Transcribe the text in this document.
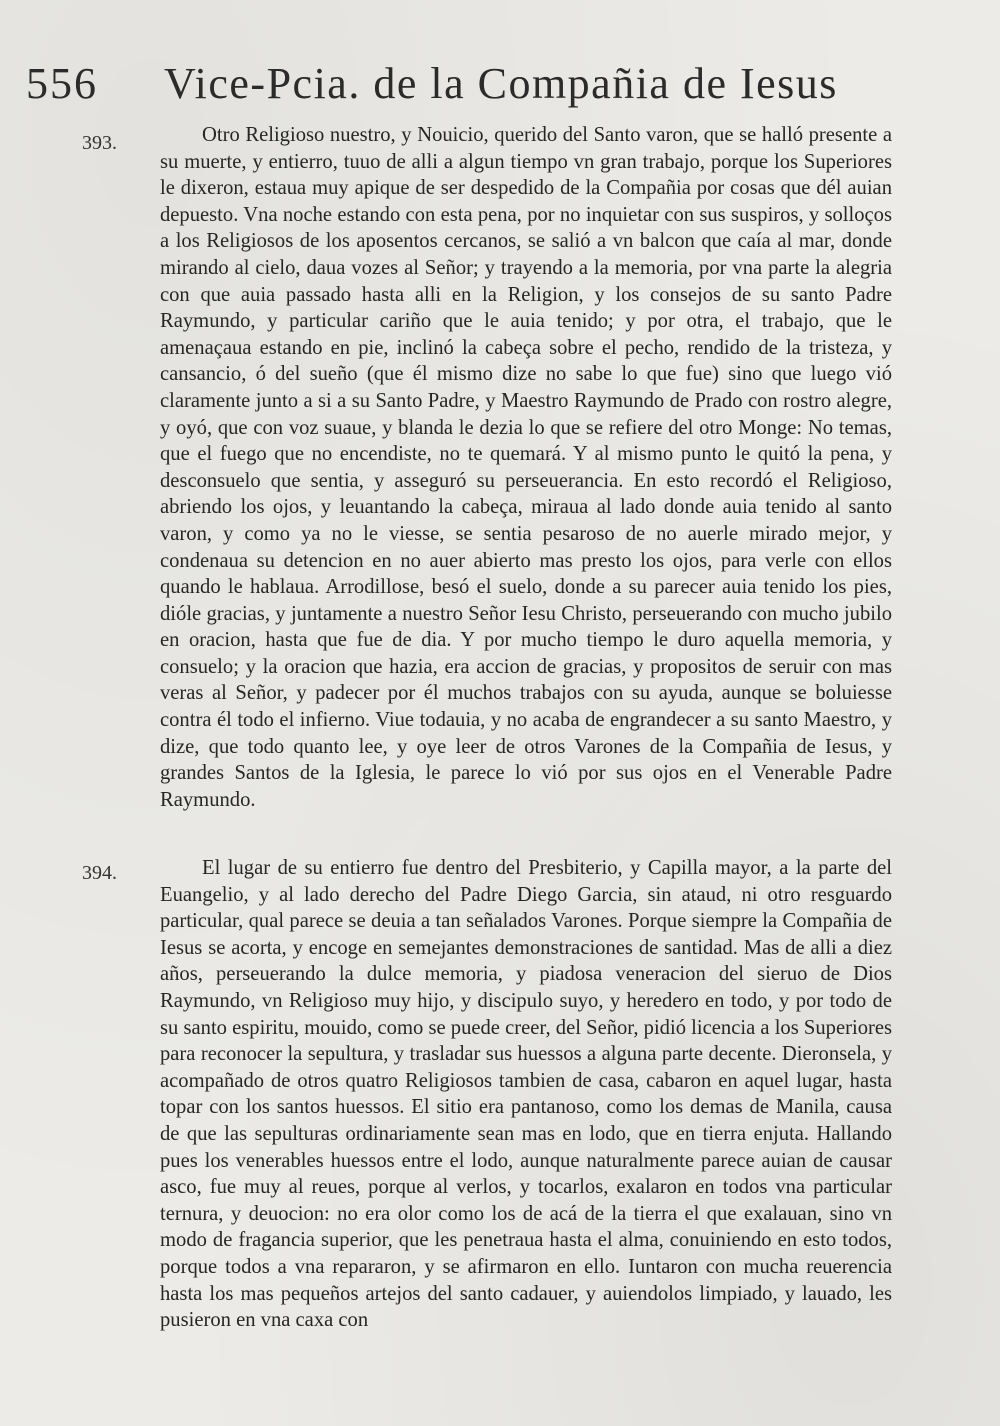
556 Vice-Pcia. de la Compañia de Iesus
393.	Otro Religioso nuestro, y Nouicio, querido del Santo varon, que se halló presente a su muerte, y entierro, tuuo de alli a algun tiempo vn gran trabajo, porque los Superiores le dixeron, estaua muy apique de ser despedido de la Compañia por cosas que dél auian depuesto. Vna noche estando con esta pena, por no inquietar con sus suspiros, y solloços a los Religiosos de los aposentos cercanos, se salió a vn balcon que caía al mar, donde mirando al cielo, daua vozes al Señor; y trayendo a la memoria, por vna parte la alegria con que auia passado hasta alli en la Religion, y los consejos de su santo Padre Raymundo, y particular cariño que le auia tenido; y por otra, el trabajo, que le amenaçaua estando en pie, inclinó la cabeça sobre el pecho, rendido de la tristeza, y cansancio, ó del sueño (que él mismo dize no sabe lo que fue) sino que luego vió claramente junto a si a su Santo Padre, y Maestro Raymundo de Prado con rostro alegre, y oyó, que con voz suaue, y blanda le dezia lo que se refiere del otro Monge: No temas, que el fuego que no encendiste, no te quemará. Y al mismo punto le quitó la pena, y desconsuelo que sentia, y asseguró su perseuerancia. En esto recordó el Religioso, abriendo los ojos, y leuantando la cabeça, miraua al lado donde auia tenido al santo varon, y como ya no le viesse, se sentia pesaroso de no auerle mirado mejor, y condenaua su detencion en no auer abierto mas presto los ojos, para verle con ellos quando le hablaua. Arrodillose, besó el suelo, donde a su parecer auia tenido los pies, dióle gracias, y juntamente a nuestro Señor Iesu Christo, perseuerando con mucho jubilo en oracion, hasta que fue de dia. Y por mucho tiempo le duro aquella memoria, y consuelo; y la oracion que hazia, era accion de gracias, y propositos de seruir con mas veras al Señor, y padecer por él muchos trabajos con su ayuda, aunque se boluiesse contra él todo el infierno. Viue todauia, y no acaba de engrandecer a su santo Maestro, y dize, que todo quanto lee, y oye leer de otros Varones de la Compañia de Iesus, y grandes Santos de la Iglesia, le parece lo vió por sus ojos en el Venerable Padre Raymundo.

394.	El lugar de su entierro fue dentro del Presbiterio, y Capilla mayor, a la parte del Euangelio, y al lado derecho del Padre Diego Garcia, sin ataud, ni otro resguardo particular, qual parece se deuia a tan señalados Varones. Porque siempre la Compañia de Iesus se acorta, y encoge en semejantes demonstraciones de santidad. Mas de alli a diez años, perseuerando la dulce memoria, y piadosa veneracion del sieruo de Dios Raymundo, vn Religioso muy hijo, y discipulo suyo, y heredero en todo, y por todo de su santo espiritu, mouido, como se puede creer, del Señor, pidió licencia a los Superiores para reconocer la sepultura, y trasladar sus huessos a alguna parte decente. Dieronsela, y acompañado de otros quatro Religiosos tambien de casa, cabaron en aquel lugar, hasta topar con los santos huessos. El sitio era pantanoso, como los demas de Manila, causa de que las sepulturas ordinariamente sean mas en lodo, que en tierra enjuta. Hallando pues los venerables huessos entre el lodo, aunque naturalmente parece auian de causar asco, fue muy al reues, porque al verlos, y tocarlos, exalaron en todos vna particular ternura, y deuocion: no era olor como los de acá de la tierra el que exalauan, sino vn modo de fragancia superior, que les penetraua hasta el alma, conuiniendo en esto todos, porque todos a vna repararon, y se afirmaron en ello. Iuntaron con mucha reuerencia hasta los mas pequeños artejos del santo cadauer, y auiendolos limpiado, y lauado, les pusieron en vna caxa con
